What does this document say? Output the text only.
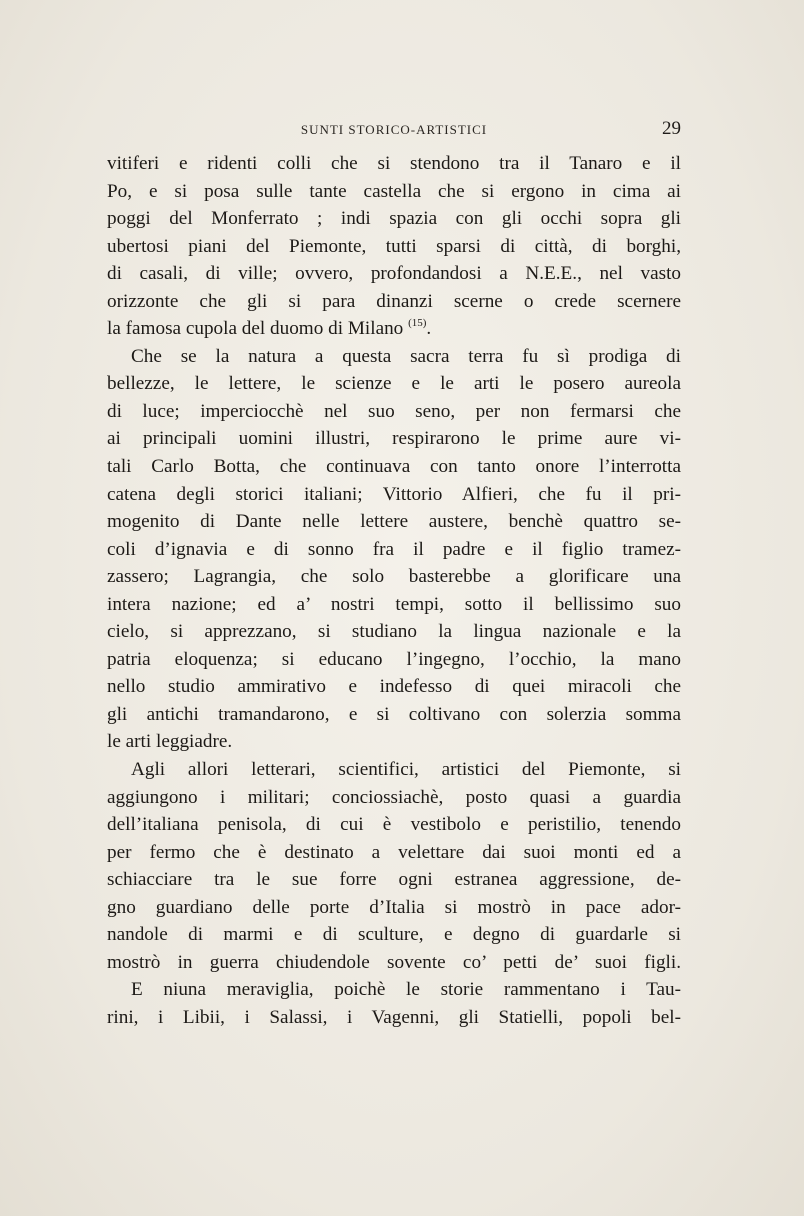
SUNTI STORICO-ARTISTICI	29
vitiferi e ridenti colli che si stendono tra il Tanaro e il
Po, e si posa sulle tante castella che si ergono in cima ai
poggi del Monferrato ; indi spazia con gli occhi sopra gli
ubertosi piani del Piemonte, tutti sparsi di città, di borghi,
di casali, di ville; ovvero, profondandosi a N.E.E., nel vasto
orizzonte che gli si para dinanzi scerne o crede scernere
la famosa cupola del duomo di Milano $^{(15)}$.
Che se la natura a questa sacra terra fu sì prodiga di
bellezze, le lettere, le scienze e le arti le posero aureola
di luce; imperciocchè nel suo seno, per non fermarsi che
ai principali uomini illustri, respirarono le prime aure vi-
tali Carlo Botta, che continuava con tanto onore l’interrotta
catena degli storici italiani; Vittorio Alfieri, che fu il pri-
mogenito di Dante nelle lettere austere, benchè quattro se-
coli d’ignavia e di sonno fra il padre e il figlio tramez-
zassero; Lagrangia, che solo basterebbe a glorificare una
intera nazione; ed a’ nostri tempi, sotto il bellissimo suo
cielo, si apprezzano, si studiano la lingua nazionale e la
patria eloquenza; si educano l’ingegno, l’occhio, la mano
nello studio ammirativo e indefesso di quei miracoli che
gli antichi tramandarono, e si coltivano con solerzia somma
le arti leggiadre.
Agli allori letterari, scientifici, artistici del Piemonte, si
aggiungono i militari; conciossiachè, posto quasi a guardia
dell’italiana penisola, di cui è vestibolo e peristilio, tenendo
per fermo che è destinato a velettare dai suoi monti ed a
schiacciare tra le sue forre ogni estranea aggressione, de-
gno guardiano delle porte d’Italia si mostrò in pace ador-
nandole di marmi e di sculture, e degno di guardarle si
mostrò in guerra chiudendole sovente co’ petti de’ suoi figli.
E niuna meraviglia, poichè le storie rammentano i Tau-
rini, i Libii, i Salassi, i Vagenni, gli Statielli, popoli bel-
